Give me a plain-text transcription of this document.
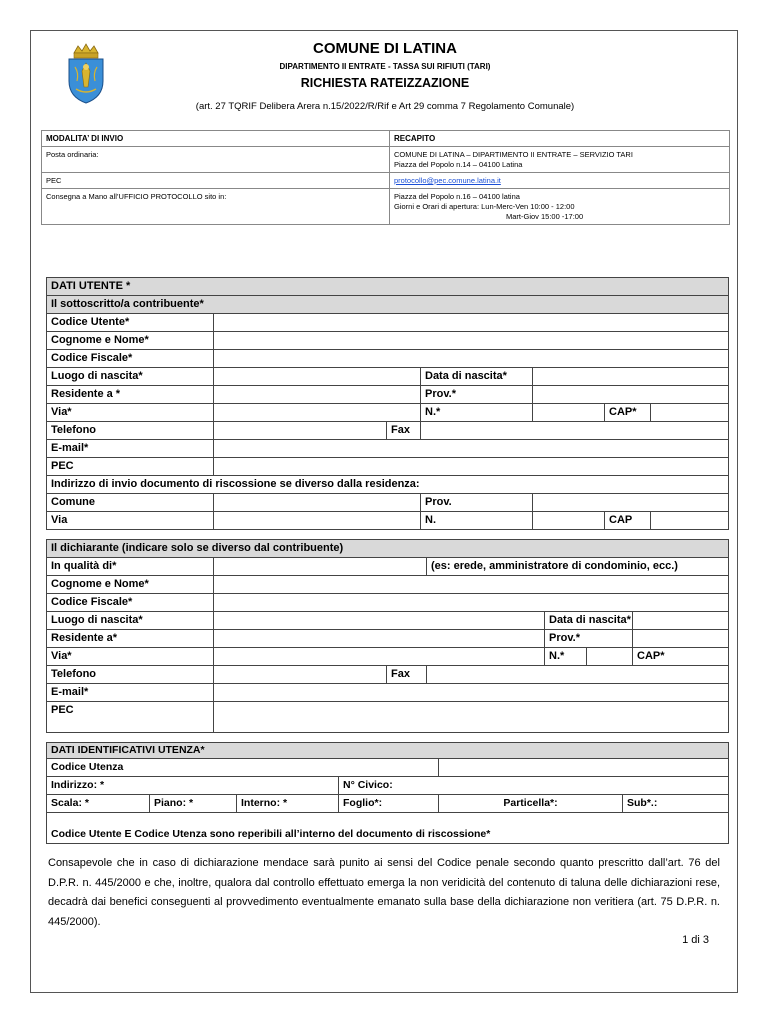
COMUNE DI LATINA
DIPARTIMENTO II ENTRATE - TASSA SUI RIFIUTI (TARI)
RICHIESTA RATEIZZAZIONE
(art. 27 TQRIF Delibera Arera n.15/2022/R/Rif e Art 29 comma 7 Regolamento Comunale)
MODALITA’ DI INVIO	RECAPITO
Posta ordinaria:	COMUNE DI LATINA – DIPARTIMENTO II ENTRATE – SERVIZIO TARI
Piazza del Popolo n.14 – 04100 Latina

PEC	protocollo@pec.comune.latina.it
Consegna a Mano all’UFFICIO PROTOCOLLO sito in:	Piazza del Popolo n.16 – 04100 latina
Giorni e Orari di apertura: Lun-Merc-Ven 10:00 - 12:00
Mart-Giov 15:00 -17:00
DATI UTENTE *						
Il sottoscritto/a contribuente*						
Codice Utente*						
Cognome e Nome*						
Codice Fiscale*						
Luogo di nascita*			Data di nascita*			
Residente a *			Prov.*			
Via*			N.*		CAP*	
Telefono		Fax				
E-mail*						
PEC						
Indirizzo di invio documento di riscossione se diverso dalla residenza:						
Comune			Prov.			
Via			N.		CAP	
Il dichiarante (indicare solo se diverso dal contribuente)						
In qualità di*			(es: erede, amministratore di condominio, ecc.)			
Cognome e Nome*						
Codice Fiscale*						
Luogo di nascita*				Data di nascita*		
Residente a*				Prov.*		
Via*				N.*		CAP*
Telefono		Fax				
E-mail*						
PEC						
DATI IDENTIFICATIVI UTENZA*					
Codice Utenza					
Indirizzo: *			N° Civico:		
Scala: *	Piano: *	Interno: *	Foglio*:	Particella*:	Sub*.:
Codice Utente E Codice Utenza sono reperibili all’interno del documento di riscossione*					
Consapevole che in caso di dichiarazione mendace sarà punito ai sensi del Codice penale secondo quanto prescritto dall’art. 76 del D.P.R. n. 445/2000 e che, inoltre, qualora dal controllo effettuato emerga la non veridicità del contenuto di taluna delle dichiarazioni rese, decadrà dai benefici conseguenti al provvedimento eventualmente emanato sulla base della dichiarazione non veritiera (art. 75 D.P.R. n. 445/2000).
1 di 3
